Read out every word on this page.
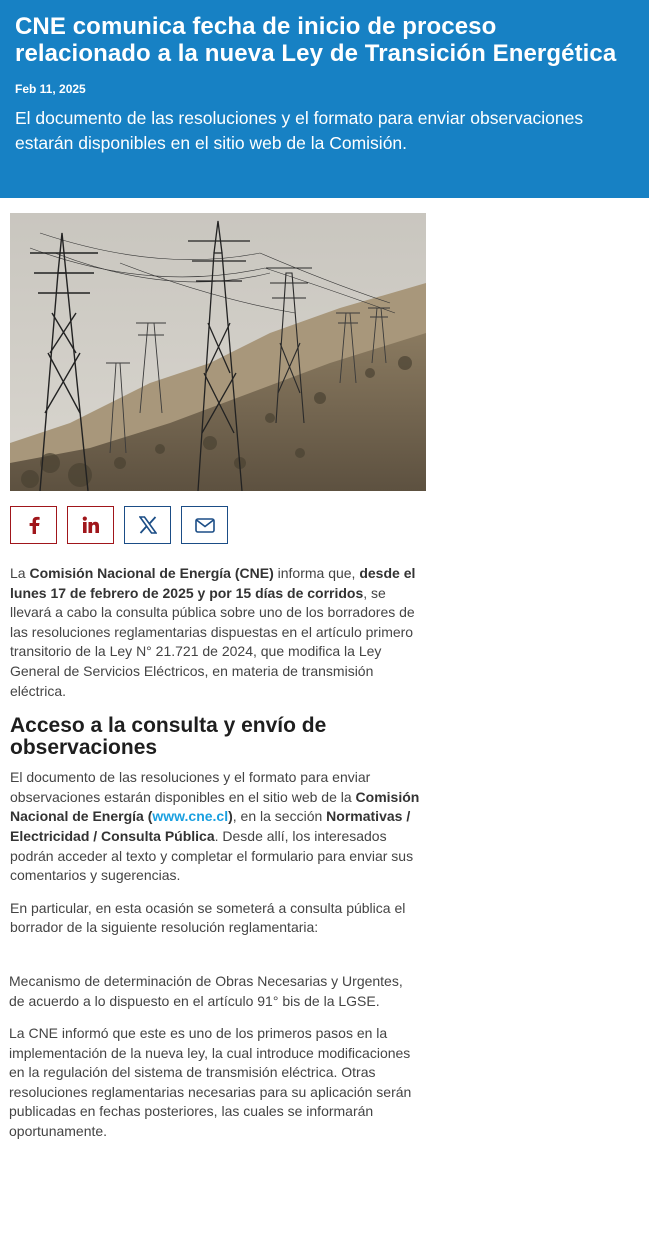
CNE comunica fecha de inicio de proceso relacionado a la nueva Ley de Transición Energética
Feb 11, 2025
El documento de las resoluciones y el formato para enviar observaciones estarán disponibles en el sitio web de la Comisión.

La Comisión Nacional de Energía (CNE) informa que, desde el lunes 17 de febrero de 2025 y por 15 días de corridos, se llevará a cabo la consulta pública sobre uno de los borradores de las resoluciones reglamentarias dispuestas en el artículo primero transitorio de la Ley N° 21.721 de 2024, que modifica la Ley General de Servicios Eléctricos, en materia de transmisión eléctrica.

Acceso a la consulta y envío de observaciones

El documento de las resoluciones y el formato para enviar observaciones estarán disponibles en el sitio web de la Comisión Nacional de Energía (www.cne.cl), en la sección Normativas / Electricidad / Consulta Pública. Desde allí, los interesados podrán acceder al texto y completar el formulario para enviar sus comentarios y sugerencias.

En particular, en esta ocasión se someterá a consulta pública el borrador de la siguiente resolución reglamentaria:

Mecanismo de determinación de Obras Necesarias y Urgentes, de acuerdo a lo dispuesto en el artículo 91° bis de la LGSE.

La CNE informó que este es uno de los primeros pasos en la implementación de la nueva ley, la cual introduce modificaciones en la regulación del sistema de transmisión eléctrica. Otras resoluciones reglamentarias necesarias para su aplicación serán publicadas en fechas posteriores, las cuales se informarán oportunamente.
